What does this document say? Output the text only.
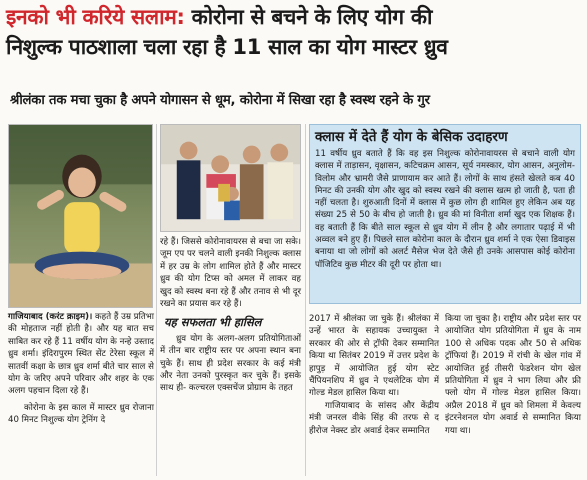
इनको भी करिये सलाम: कोरोना से बचने के लिए योग की
निशुल्क पाठशाला चला रहा है 11 साल का योग मास्टर ध्रुव
श्रीलंका तक मचा चुका है अपने योगासन से धूम, कोरोना में सिखा रहा है स्वस्थ रहने के गुर

गाजियाबाद (करंट क्राइम)। कहते हैं उम्र प्रतिभा की मोहताज नहीं होती है। और यह बात सच साबित कर रहे हैं 11 वर्षीय योग के नन्हे उस्ताद ध्रुव शर्मा। इंदिरापुरम स्थित सेंट टेरेसा स्कूल में सातवीं कक्षा के छात्र ध्रुव शर्मा बीते चार साल से योग के जरिए अपने परिवार और शहर के एक अलग पहचान दिला रहे हैं।

कोरोना के इस काल में मास्टर ध्रुव रोजाना 40 मिनट निशुल्क योग ट्रेनिंग दे

रहे हैं। जिससे कोरोनावायरस से बचा जा सके। जूम एप पर चलने वाली इनकी निशुल्क क्लास में हर उम्र के लोग शामिल होते हैं और मास्टर ध्रुव की योग टिप्स को अमल में लाकर वह खुद को स्वस्थ बना रहे हैं और तनाव से भी दूर रखने का प्रयास कर रहे हैं।

यह सफलता भी हासिल

ध्रुव योग के अलग-अलग प्रतियोगिताओं में तीन बार राष्ट्रीय स्तर पर अपना स्थान बना चुके हैं। साथ ही प्रदेश सरकार के कई मंत्री और नेता उनको पुरस्कृत कर चुके हैं। इसके साथ ही- कल्चरल एक्सचेंज प्रोग्राम के तहत

क्लास में देते हैं योग के बेसिक उदाहरण
11 वर्षीय ध्रुव बताते हैं कि वह इस निशुल्क कोरोनावायरस से बचाने वाली योग क्लास में ताड़ासन, वृक्षासन, कटिचक्रम आसन, सूर्य नमस्कार, योग आसन, अनुलोम-विलोम और भ्रामरी जैसे प्राणायाम कर आते हैं। लोगों के साथ हंसते खेलते कब 40 मिनट की उनकी योग और खुद को स्वस्थ रखने की क्लास खत्म हो जाती है, पता ही नहीं चलता है। शुरुआती दिनों में क्लास में कुछ लोग ही शामिल हुए लेकिन अब यह संख्या 25 से 50 के बीच हो जाती है। ध्रुव की मां विनीता शर्मा खुद एक शिक्षक हैं। वह बताती हैं कि बीते साल स्कूल से ध्रुव योग में लीन है और लगातार पढ़ाई में भी अव्वल बने हुए हैं। पिछले साल कोरोना काल के दौरान ध्रुव शर्मा ने एक ऐसा डिवाइस बनाया था जो लोगों को अलर्ट मैसेज भेज देते जैसे ही उनके आसपास कोई कोरोना पॉजिटिव कुछ मीटर की दूरी पर होता था।

2017 में श्रीलंका जा चुके हैं। श्रीलंका में उन्हें भारत के सहायक उच्चायुक्त ने सरकार की ओर से ट्रॉफी देकर सम्मानित किया था सितंबर 2019 में उत्तर प्रदेश के हापुड़ में आयोजित हुई योग स्टेट चैंपियनशिप में ध्रुव ने एथलेटिक योग में गोल्ड मेडल हासिल किया था।

गाजियाबाद के सांसद और केंद्रीय मंत्री जनरल वीके सिंह की तरफ से द हीरोज नेक्स्ट डोर अवार्ड देकर सम्मानित

किया जा चुका है। राष्ट्रीय और प्रदेश स्तर पर आयोजित योग प्रतियोगिता में ध्रुव के नाम 100 से अधिक पदक और 50 से अधिक ट्रॉफियां हैं। 2019 में रांची के खेल गांव में आयोजित हुई तीसरी फेडरेशन योग खेल प्रतियोगिता में ध्रुव ने भाग लिया और फ्री फ्लो योग में गोल्ड मेडल हासिल किया। अप्रैल 2018 में ध्रुव को शिमला में केवल्य इंटरनेशनल योग अवार्ड से सम्मानित किया गया था।
